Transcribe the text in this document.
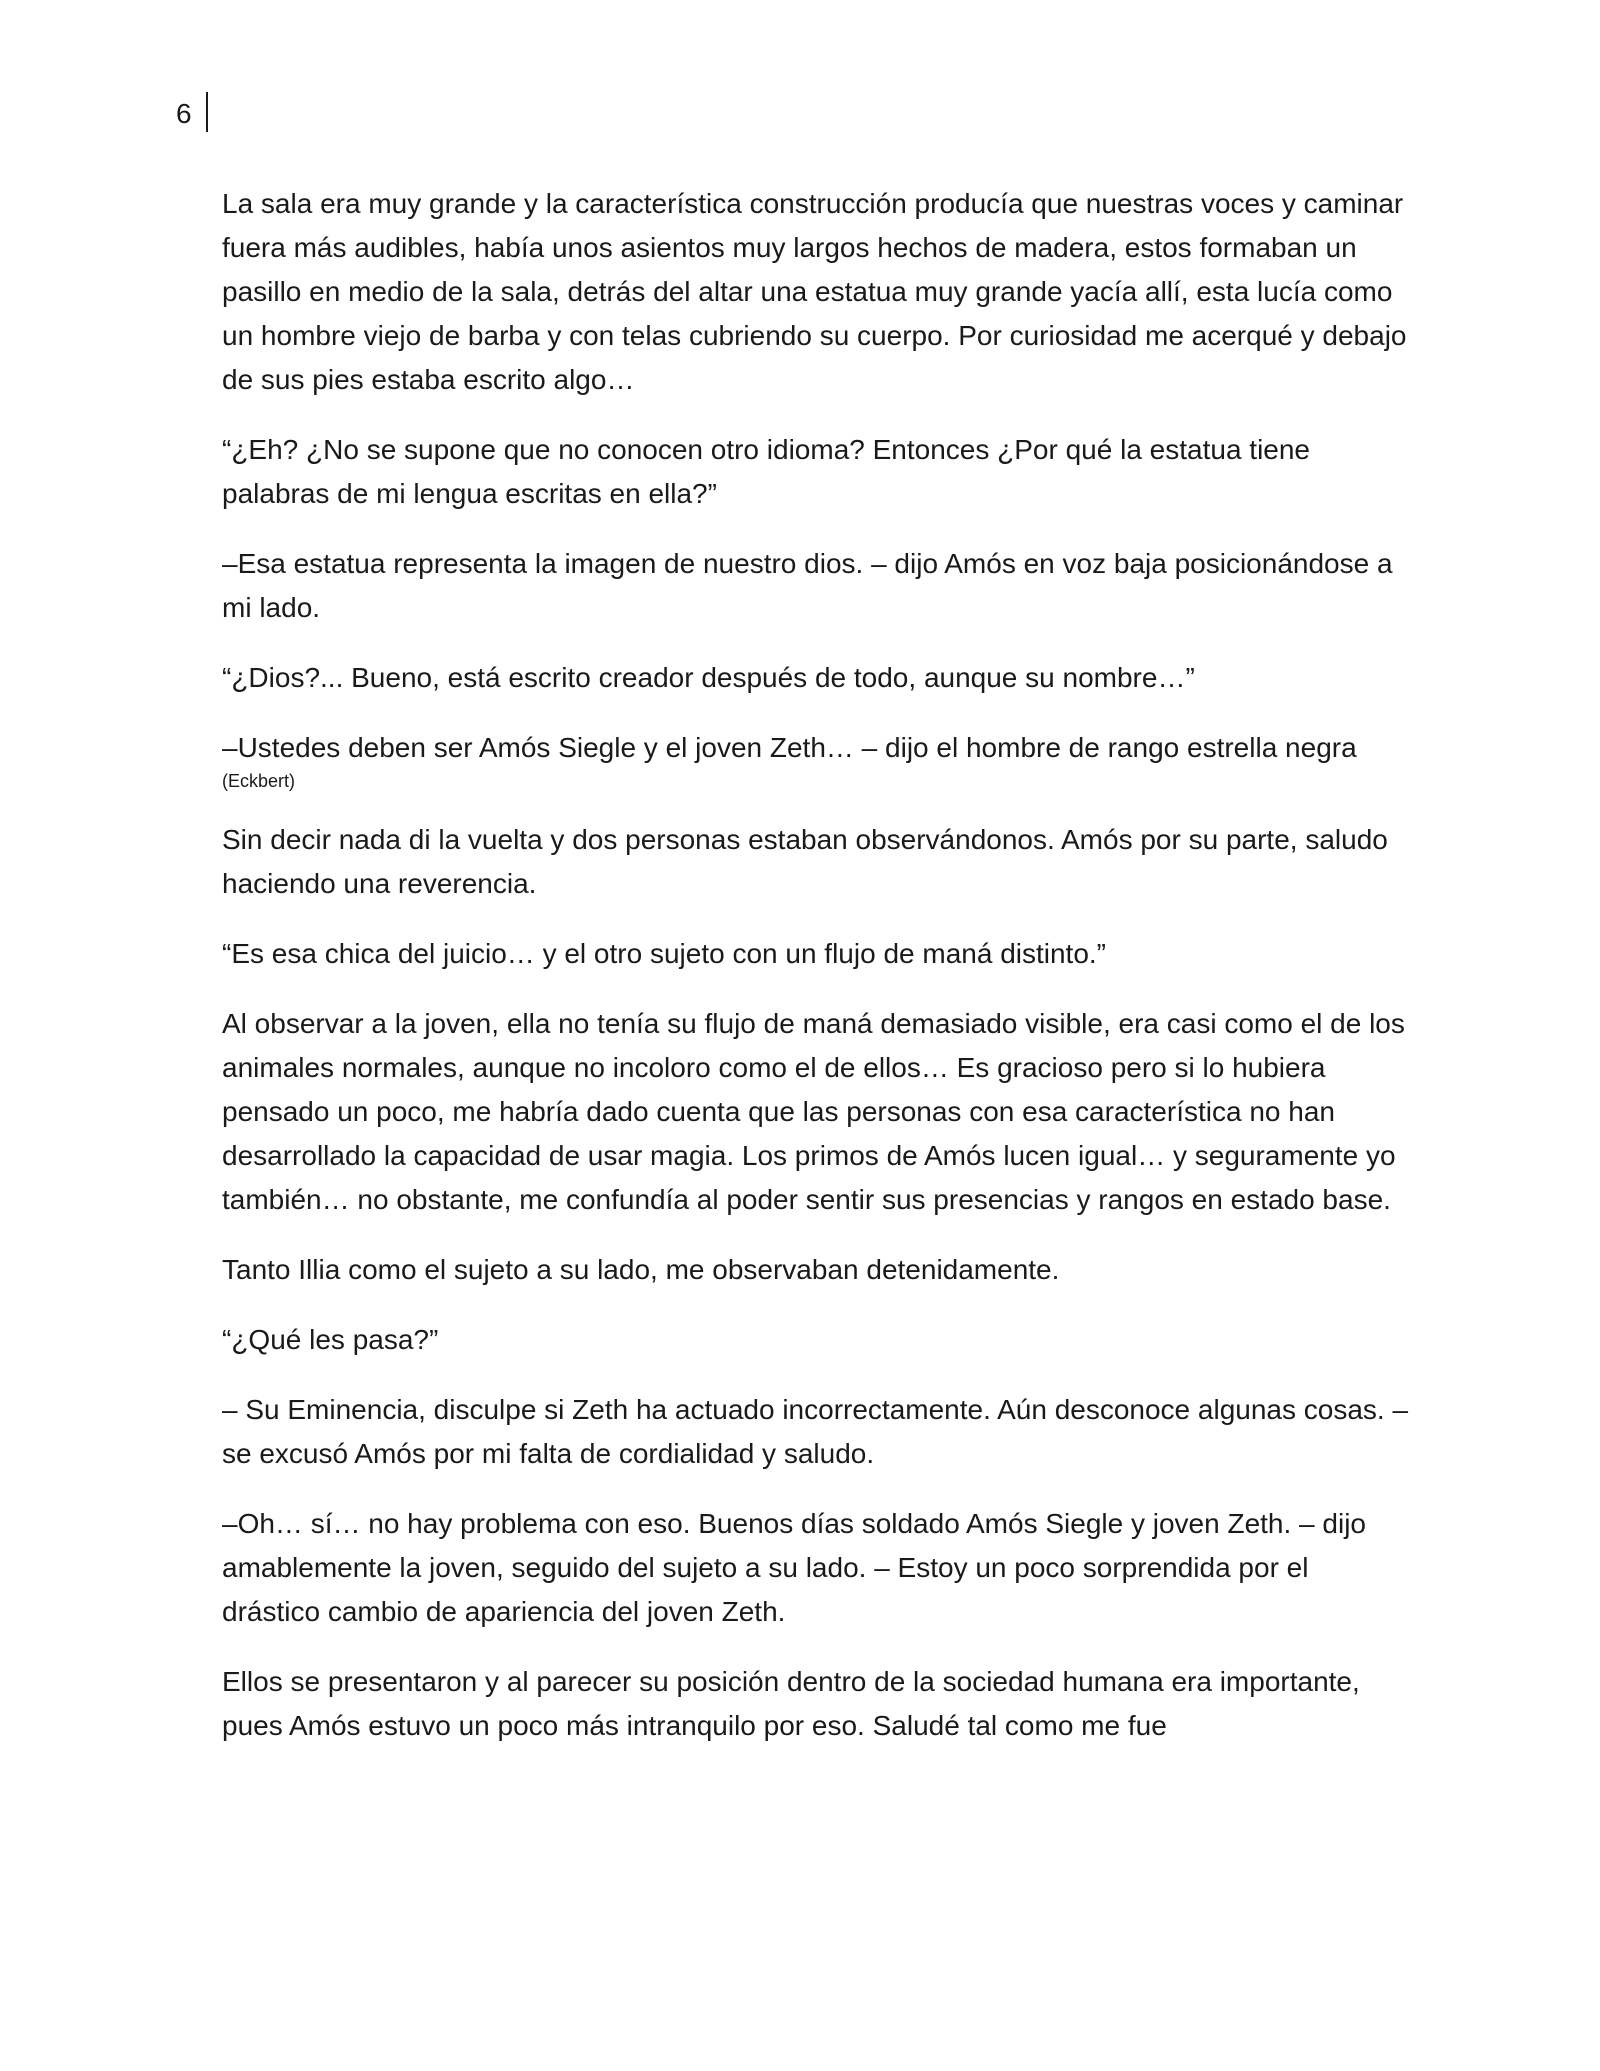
6

La sala era muy grande y la característica construcción producía que nuestras voces y caminar fuera más audibles, había unos asientos muy largos hechos de madera, estos formaban un pasillo en medio de la sala, detrás del altar una estatua muy grande yacía allí, esta lucía como un hombre viejo de barba y con telas cubriendo su cuerpo. Por curiosidad me acerqué y debajo de sus pies estaba escrito algo…

“¿Eh? ¿No se supone que no conocen otro idioma? Entonces ¿Por qué la estatua tiene palabras de mi lengua escritas en ella?”

–Esa estatua representa la imagen de nuestro dios. – dijo Amós en voz baja posicionándose a mi lado.

“¿Dios?... Bueno, está escrito creador después de todo, aunque su nombre…”

–Ustedes deben ser Amós Siegle y el joven Zeth… – dijo el hombre de rango estrella negra

(Eckbert)

Sin decir nada di la vuelta y dos personas estaban observándonos. Amós por su parte, saludo haciendo una reverencia.

“Es esa chica del juicio… y el otro sujeto con un flujo de maná distinto.”

Al observar a la joven, ella no tenía su flujo de maná demasiado visible, era casi como el de los animales normales, aunque no incoloro como el de ellos… Es gracioso pero si lo hubiera pensado un poco, me habría dado cuenta que las personas con esa característica no han desarrollado la capacidad de usar magia. Los primos de Amós lucen igual… y seguramente yo también… no obstante, me confundía al poder sentir sus presencias y rangos en estado base.

Tanto Illia como el sujeto a su lado, me observaban detenidamente.

“¿Qué les pasa?”

– Su Eminencia, disculpe si Zeth ha actuado incorrectamente. Aún desconoce algunas cosas. – se excusó Amós por mi falta de cordialidad y saludo.

–Oh… sí… no hay problema con eso. Buenos días soldado Amós Siegle y joven Zeth. – dijo amablemente la joven, seguido del sujeto a su lado. – Estoy un poco sorprendida por el drástico cambio de apariencia del joven Zeth.

Ellos se presentaron y al parecer su posición dentro de la sociedad humana era importante, pues Amós estuvo un poco más intranquilo por eso. Saludé tal como me fue
